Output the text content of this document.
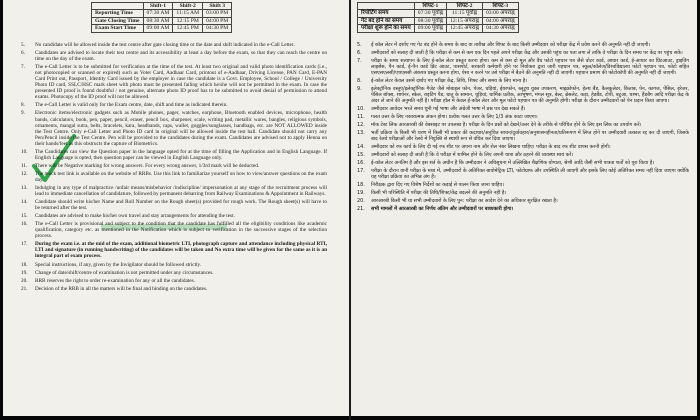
	Shift-1	Shift-2	Shift 3
Reporting Time	07:30 AM	11:15 AM	03:00 PM
Gate Closing Time	08:30 AM	12:15 PM	04:00 PM
Exam Start Time	09:00 AM	12:45 PM	04:30 PM
5. No candidate will be allowed inside the test centre after gate closing time or the date and shift indicated in the e-Call Letter.
6. Candidates are advised to locate their test centre and its accessibility at least a day before the exam, so that they can reach the centre on time on the day of the exam.
7. The e-Call Letter is to be submitted for verification at the time of the test. At least two original and valid photo identification cards (i.e., not photocopied or scanned or expired) such as Voter Card, Aadhaar Card, printout of e-Aadhaar, Driving License, PAN Card, E-PAN Card Print out, Passport, Identity Card issued by the employer in case the candidate is a Govt. Employee, School / College / University Photo ID card, SSLC/HSC mark sheet with photo must be presented failing which he/she will not be permitted in the exam. In case the presented ID proof is found doubtful / not genuine, alternate photo ID proof has to be submitted to avoid denial of permission to attend exams. Photocopy of the ID proof will not be allowed.
8. The e-Call Letter is valid only for the Exam centre, date, shift and time as indicated therein.
9. Electronic items/electronic gadgets such as Mobile phones, pager, watches, earphone, Bluetooth enabled devices, microphone, health bands, calculators, book, pen, paper, pencil, eraser, pencil box, sharpener, scale, writing pad, metallic wares, bangles, religious symbols, ornaments, mangal sutra, belts, bracelets, kara, headbands, caps, wallet, goggles/sunglasses, handbags, etc. are NOT ALLOWED inside the Test Centre. Only e-Call Letter and Photo ID card in original will be allowed inside the test hall. Candidate should not carry any Pen/Pencil inside the Test Centre. Pen will be provided to the candidates during the exam. Candidates are advised not to apply Henna on their hands/feet as this obstructs the capture of Biometrics.
10. The Candidates can view the Question paper in the language opted for at the time of filling the Application and in English Language. If English Language is opted, then question paper can be viewed in English Language only.
11. There will be Negative marking for wrong answers. For every wrong answer, 1/3rd mark will be deducted.
12. The mock test link is available on the website of RRBs. Use this link to familiarize yourself on how to view/answer questions on the exam day.
13. Indulging in any type of malpractice /unfair means/misbehavior /indiscipline/ impersonation at any stage of the recruitment process will lead to immediate cancellation of candidature, followed by permanent debarring from Railway Examinations & Appointment in Railways.
14. Candidate should write his/her Name and Roll Number on the Rough sheet(s) provided for rough work. The Rough sheet(s) will have to be returned after the test.
15. Candidates are advised to make his/her own travel and stay arrangements for attending the test.
16. The e-Call Letter is provisional and subject to the condition that the candidate has fulfilled all the eligibility conditions like academic qualification, category etc. as mentioned in the Notification which is subject to verification in the successive stages of the selection process.
17. During the exam i.e. at the mid of the exam, additional biometric LTI, photograph capture and attendance including physical RTI, LTI and signature (in running handwriting) of the candidates will be taken and No extra time will be given for the same as it is an integral part of exam process.
18. Special instructions, if any, given by the Invigilator should be followed strictly.
19. Change of date/shift/centre of examination is not permitted under any circumstances.
20. RRB reserves the right to order re-examination for any or all the candidates.
21. Decision of the RRB in all the matters will be final and binding on the candidates.
	शिफ्ट-1	शिफ्ट-2	शिफ्ट-3
रिपोर्टिंग समय	07:30 पूर्वाह्न	11:15 पूर्वाह्न	03:00 अपराह्न
गेट बंद होने का समय	08:30 पूर्वाह्न	12:15 अपराह्न	04:00 अपराह्न
परीक्षा शुरू होने का समय	09:00 पूर्वाह्न	12:45 अपराह्न	04:30 अपराह्न
5. ई कॉल लेटर में दर्शाए गए गेट बंद होने के समय के बाद या तारीख और शिफ्ट के बाद किसी उम्मीदवार को परीक्षा केंद्र में प्रवेश करने की अनुमति नहीं दी जाएगी।
6. उम्मीदवारों को सलाह दी जाती है कि परीक्षा से कम से कम एक दिन पहले अपने परीक्षा केंद्र और उसकी पहुंच का पता लगा लें ताकि वे परीक्षा के दिन समय पर केंद्र पर पहुंच सकें।
7. परीक्षा के समय सत्यापन के लिए ई-कॉल लेटर प्रस्तुत करना होगा। कम से कम दो मूल और वैध फोटो पहचान पत्र जैसे वोटर कार्ड, आधार कार्ड, ई-आधार का प्रिंटआउट, ड्राइविंग लाइसेंस, पैन कार्ड, ई-पैन कार्ड प्रिंट आउट, पासपोर्ट, सरकारी कर्मचारी होने पर नियोक्ता द्वारा जारी पहचान पत्र, स्कूल/कॉलेज/विश्वविद्यालय फोटो पहचान पत्र, फोटो सहित एसएसएलसी/एचएससी अंकपत्र प्रस्तुत करना होगा, ऐसा न करने पर उसे परीक्षा में बैठने की अनुमति नहीं दी जाएगी। पहचान प्रमाण की फोटोकॉपी की अनुमति नहीं दी जाएगी।
8. ई-कॉल लेटर केवल उसमें दर्शाए गए परीक्षा केंद्र, तिथि, शिफ्ट और समय के लिए मान्य है।
9. इलेक्ट्रॉनिक वस्तुएं/इलेक्ट्रॉनिक गैजेट जैसे मोबाइल फोन, पेजर, घड़ियां, ईयरफोन, ब्लूटूथ युक्त उपकरण, माइक्रोफोन, हेल्थ बैंड, कैलकुलेटर, किताब, पेन, कागज, पेंसिल, इरेजर, पेंसिल बॉक्स, शार्पनर, स्केल, राइटिंग पैड, धातु के सामान, चूड़ियां, धार्मिक प्रतीक, आभूषण, मंगल सूत्र, बेल्ट, ब्रेसलेट, कड़ा, हेडबैंड, टोपी, बटुआ, चश्मा, हैंडबैग आदि परीक्षा केंद्र के अंदर ले जाने की अनुमति नहीं है। परीक्षा हॉल में केवल ई-कॉल लेटर और मूल फोटो पहचान पत्र की अनुमति होगी। परीक्षा के दौरान उम्मीदवारों को पेन प्रदान किया जाएगा।
10. उम्मीदवार आवेदन भरते समय चुनी गई भाषा और अंग्रेजी भाषा में प्रश्न पत्र देख सकते हैं।
11. गलत उत्तर के लिए नकारात्मक अंकन होगा। प्रत्येक गलत उत्तर के लिए 1/3 अंक काटा जाएगा।
12. मॉक टेस्ट लिंक आरआरबी की वेबसाइट पर उपलब्ध है। परीक्षा के दिन प्रश्नों को देखने/उत्तर देने के तरीके से परिचित होने के लिए इस लिंक का उपयोग करें।
13. भर्ती प्रक्रिया के किसी भी चरण में किसी भी प्रकार की कदाचार/अनुचित साधन/दुर्व्यवहार/अनुशासनहीनता/प्रतिरूपण में लिप्त होने पर उम्मीदवारी तत्काल रद्द कर दी जाएगी, जिसके बाद रेलवे परीक्षाओं और रेलवे में नियुक्ति से स्थायी रूप से वंचित कर दिया जाएगा।
14. उम्मीदवार को रफ कार्य के लिए दी गई रफ शीट पर अपना नाम और रोल नंबर लिखना चाहिए। परीक्षा के बाद रफ शीट वापस करनी होगी।
15. उम्मीदवारों को सलाह दी जाती है कि वे परीक्षा में शामिल होने के लिए अपनी यात्रा और ठहरने की व्यवस्था स्वयं करें।
16. ई-कॉल लेटर अनंतिम है और इस शर्त के अधीन है कि उम्मीदवार ने अधिसूचना में उल्लिखित शैक्षणिक योग्यता, श्रेणी आदि जैसी सभी पात्रता शर्तों को पूरा किया है।
17. परीक्षा के दौरान यानी परीक्षा के मध्य में, उम्मीदवारों के अतिरिक्त बायोमेट्रिक LTI, फोटोग्राफ और उपस्थिति ली जाएगी और इसके लिए कोई अतिरिक्त समय नहीं दिया जाएगा क्योंकि यह परीक्षा प्रक्रिया का अभिन्न अंग है।
18. निरीक्षक द्वारा दिए गए विशेष निर्देशों का कड़ाई से पालन किया जाना चाहिए।
19. किसी भी परिस्थिति में परीक्षा की तिथि/शिफ्ट/केंद्र बदलने की अनुमति नहीं है।
20. आरआरबी किसी भी या सभी उम्मीदवारों के लिए पुन: परीक्षा का आदेश देने का अधिकार सुरक्षित रखता है।
21. सभी मामलों में आरआरबी का निर्णय अंतिम और उम्मीदवारों पर बाध्यकारी होगा।
